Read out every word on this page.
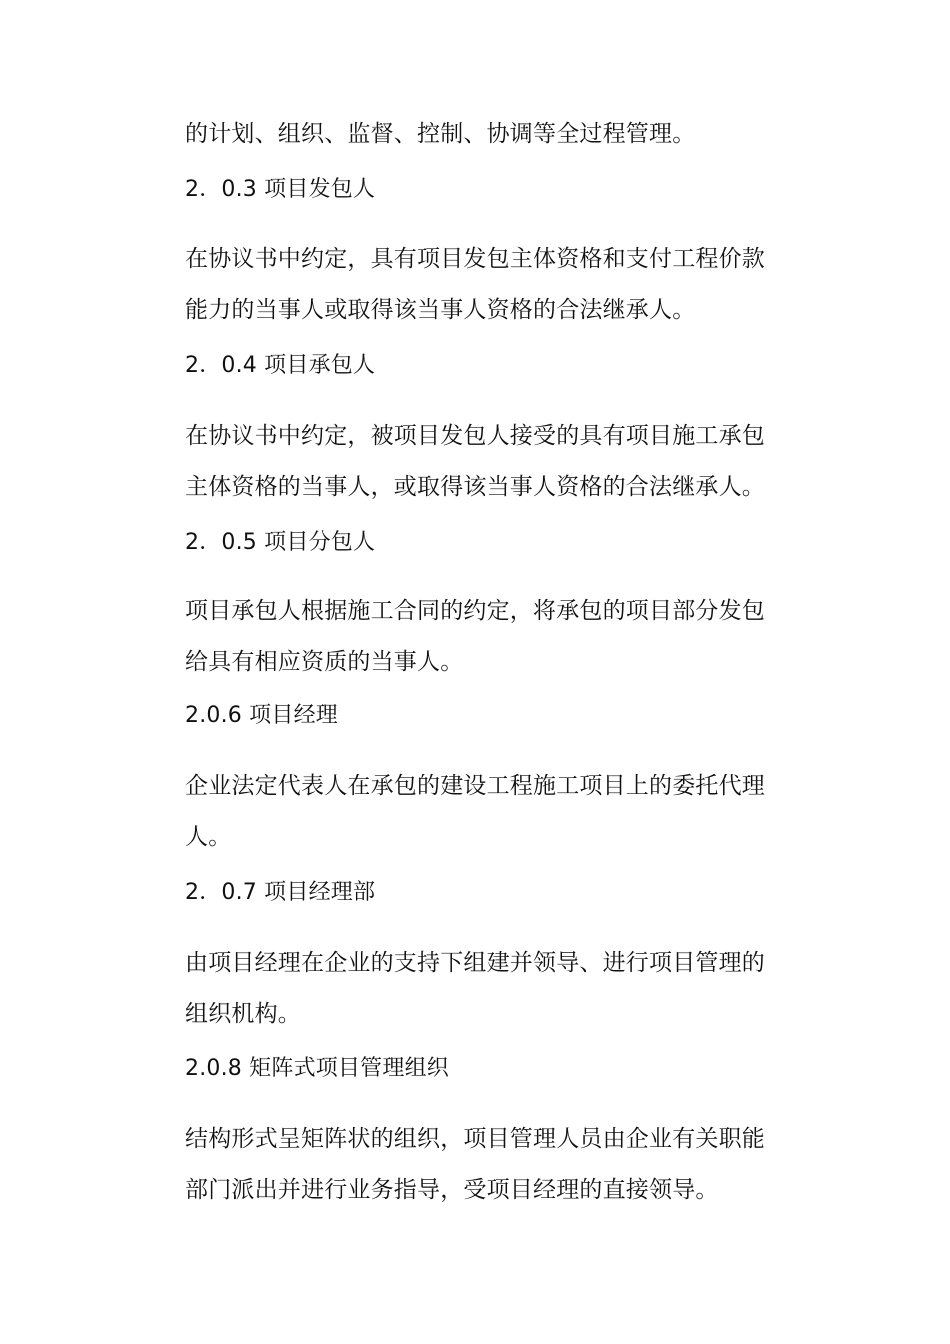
的计划、组织、监督、控制、协调等全过程管理。
2．0.3 项目发包人
在协议书中约定，具有项目发包主体资格和支付工程价款
能力的当事人或取得该当事人资格的合法继承人。
2．0.4 项目承包人
在协议书中约定，被项目发包人接受的具有项目施工承包
主体资格的当事人，或取得该当事人资格的合法继承人。
2．0.5 项目分包人
项目承包人根据施工合同的约定，将承包的项目部分发包
给具有相应资质的当事人。
2.0.6 项目经理
企业法定代表人在承包的建设工程施工项目上的委托代理
人。
2．0.7 项目经理部
由项目经理在企业的支持下组建并领导、进行项目管理的
组织机构。
2.0.8 矩阵式项目管理组织
结构形式呈矩阵状的组织，项目管理人员由企业有关职能
部门派出并进行业务指导，受项目经理的直接领导。
